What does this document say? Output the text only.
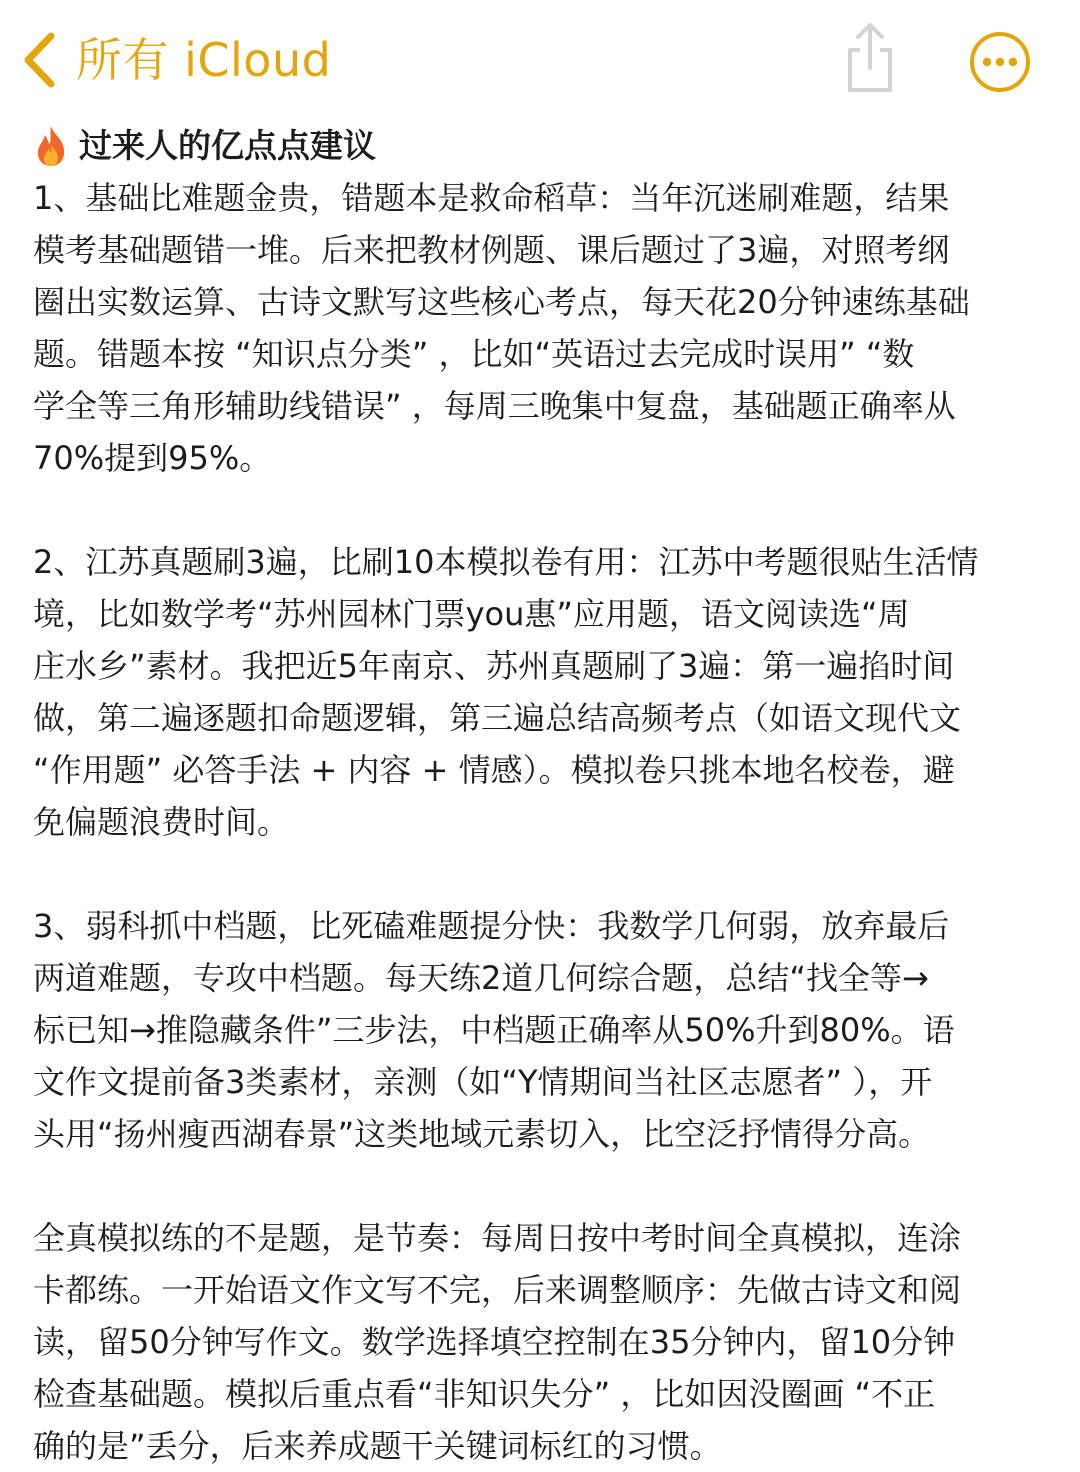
所有 iCloud
过来人的亿点点建议
1、基础比难题金贵，错题本是救命稻草：当年沉迷刷难题，结果
模考基础题错一堆。后来把教材例题、课后题过了3遍，对照考纲
圈出实数运算、古诗文默写这些核心考点，每天花20分钟速练基础
题。错题本按 “知识点分类” ，比如“英语过去完成时误用” “数
学全等三角形辅助线错误” ，每周三晚集中复盘，基础题正确率从
70%提到95%。
2、江苏真题刷3遍，比刷10本模拟卷有用：江苏中考题很贴生活情
境，比如数学考“苏州园林门票you惠”应用题，语文阅读选“周
庄水乡”素材。我把近5年南京、苏州真题刷了3遍：第一遍掐时间
做，第二遍逐题扣命题逻辑，第三遍总结高频考点（如语文现代文
“作用题” 必答手法 + 内容 + 情感）。模拟卷只挑本地名校卷，避
免偏题浪费时间。
3、弱科抓中档题，比死磕难题提分快：我数学几何弱，放弃最后
两道难题，专攻中档题。每天练2道几何综合题，总结“找全等→
标已知→推隐藏条件”三步法，中档题正确率从50%升到80%。语
文作文提前备3类素材，亲测（如“Y情期间当社区志愿者” ），开
头用“扬州瘦西湖春景”这类地域元素切入，比空泛抒情得分高。
全真模拟练的不是题，是节奏：每周日按中考时间全真模拟，连涂
卡都练。一开始语文作文写不完，后来调整顺序：先做古诗文和阅
读，留50分钟写作文。数学选择填空控制在35分钟内，留10分钟
检查基础题。模拟后重点看“非知识失分” ，比如因没圈画 “不正
确的是”丢分，后来养成题干关键词标红的习惯。
